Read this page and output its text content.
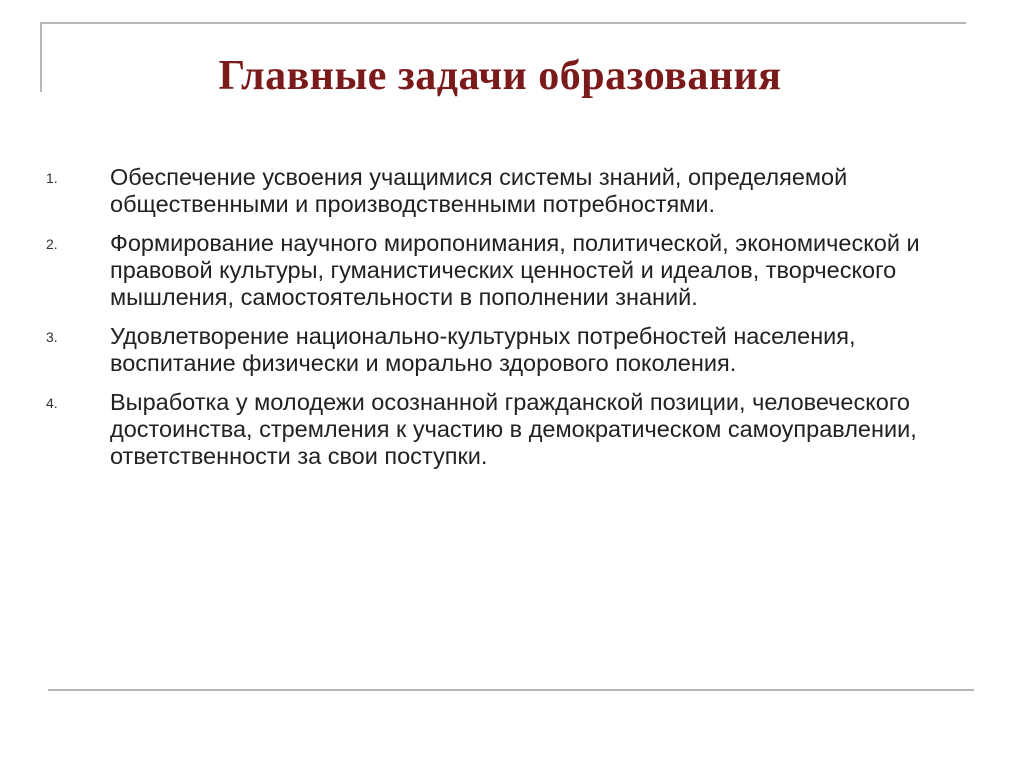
Главные задачи образования
1. Обеспечение усвоения учащимися системы знаний, определяемой общественными и производственными потребностями.
2. Формирование научного миропонимания, политической, экономической и правовой культуры, гуманистических ценностей и идеалов, творческого мышления, самостоятельности в пополнении знаний.
3. Удовлетворение национально-культурных потребностей населения, воспитание физически и морально здорового поколения.
4. Выработка у молодежи осознанной гражданской позиции, человеческого достоинства, стремления к участию в демократическом самоуправлении, ответственности за свои поступки.
